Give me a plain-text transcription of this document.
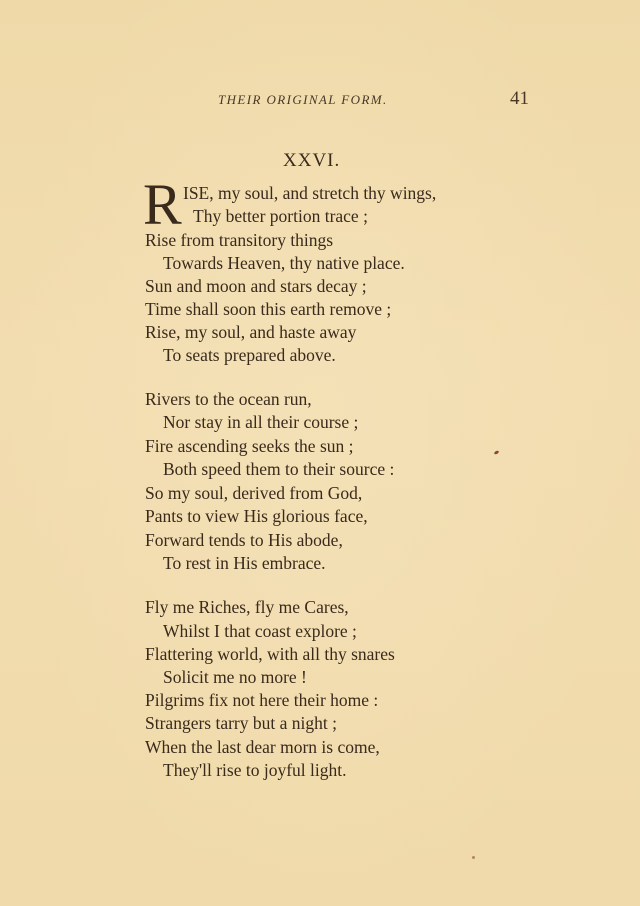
THEIR ORIGINAL FORM.	41
XXVI.
R ISE, my soul, and stretch thy wings,
Thy better portion trace ;
Rise from transitory things
Towards Heaven, thy native place.
Sun and moon and stars decay ;
Time shall soon this earth remove ;
Rise, my soul, and haste away
To seats prepared above.
Rivers to the ocean run,
Nor stay in all their course ;
Fire ascending seeks the sun ;
Both speed them to their source :
So my soul, derived from God,
Pants to view His glorious face,
Forward tends to His abode,
To rest in His embrace.
Fly me Riches, fly me Cares,
Whilst I that coast explore ;
Flattering world, with all thy snares
Solicit me no more !
Pilgrims fix not here their home :
Strangers tarry but a night ;
When the last dear morn is come,
They'll rise to joyful light.
